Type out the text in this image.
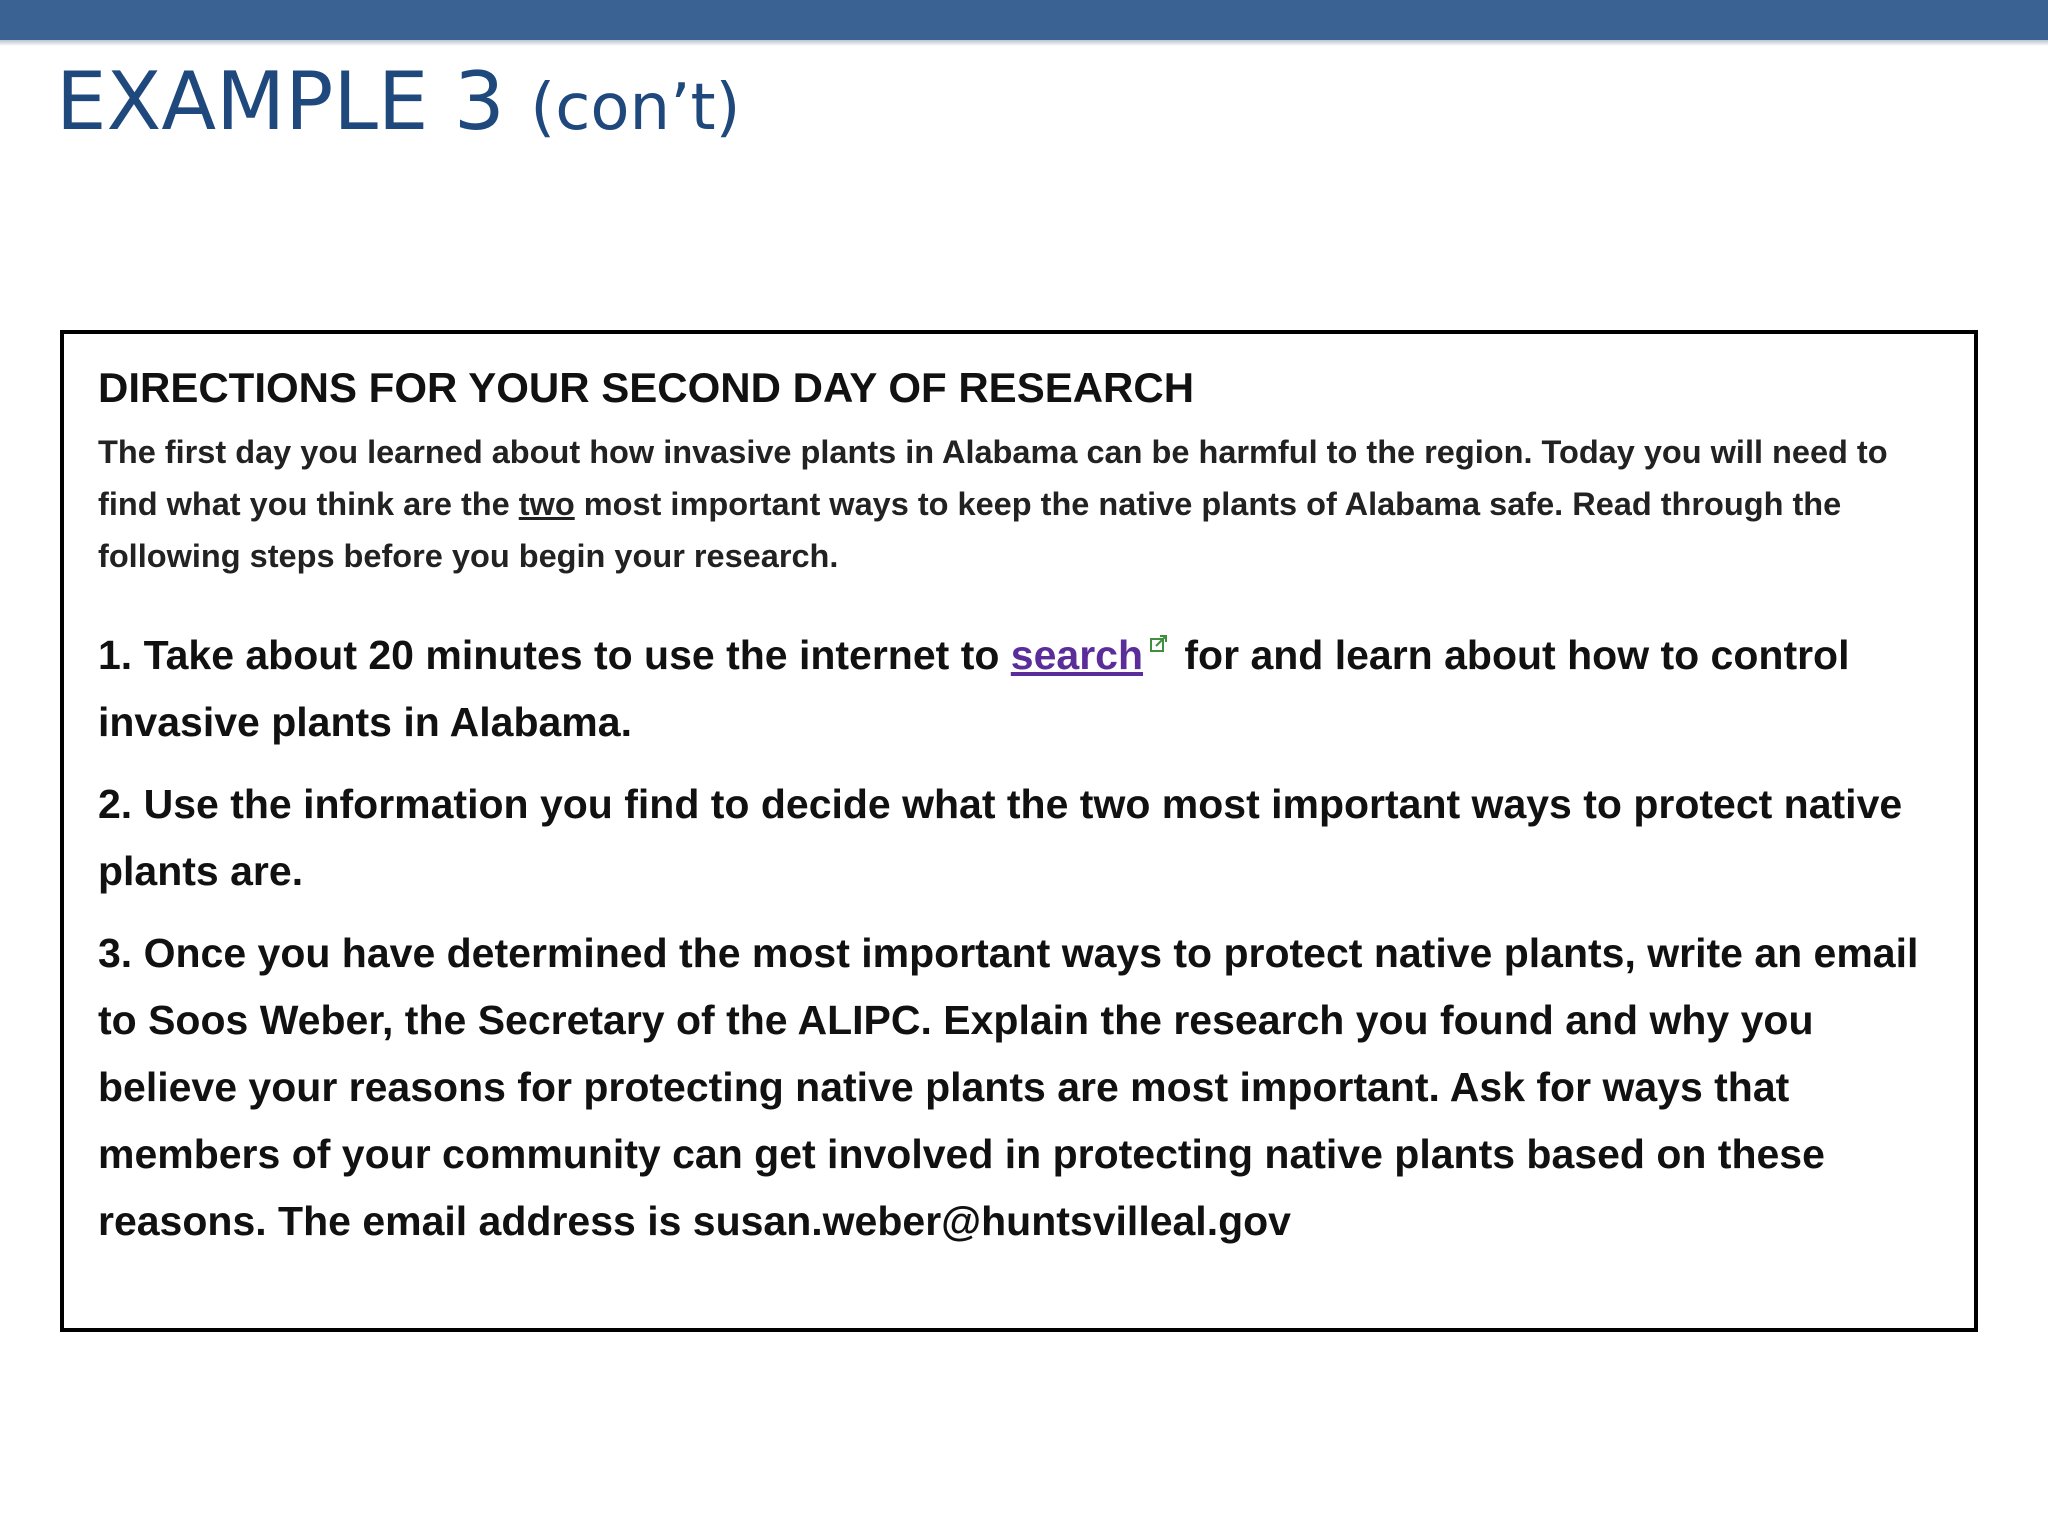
EXAMPLE 3 (con’t)
DIRECTIONS FOR YOUR SECOND DAY OF RESEARCH

The first day you learned about how invasive plants in Alabama can be harmful to the region. Today you will need to find what you think are the two most important ways to keep the native plants of Alabama safe. Read through the following steps before you begin your research.

1. Take about 20 minutes to use the internet to search for and learn about how to control invasive plants in Alabama.
2. Use the information you find to decide what the two most important ways to protect native plants are.
3. Once you have determined the most important ways to protect native plants, write an email to Soos Weber, the Secretary of the ALIPC. Explain the research you found and why you believe your reasons for protecting native plants are most important. Ask for ways that members of your community can get involved in protecting native plants based on these reasons. The email address is susan.weber@huntsvilleal.gov
